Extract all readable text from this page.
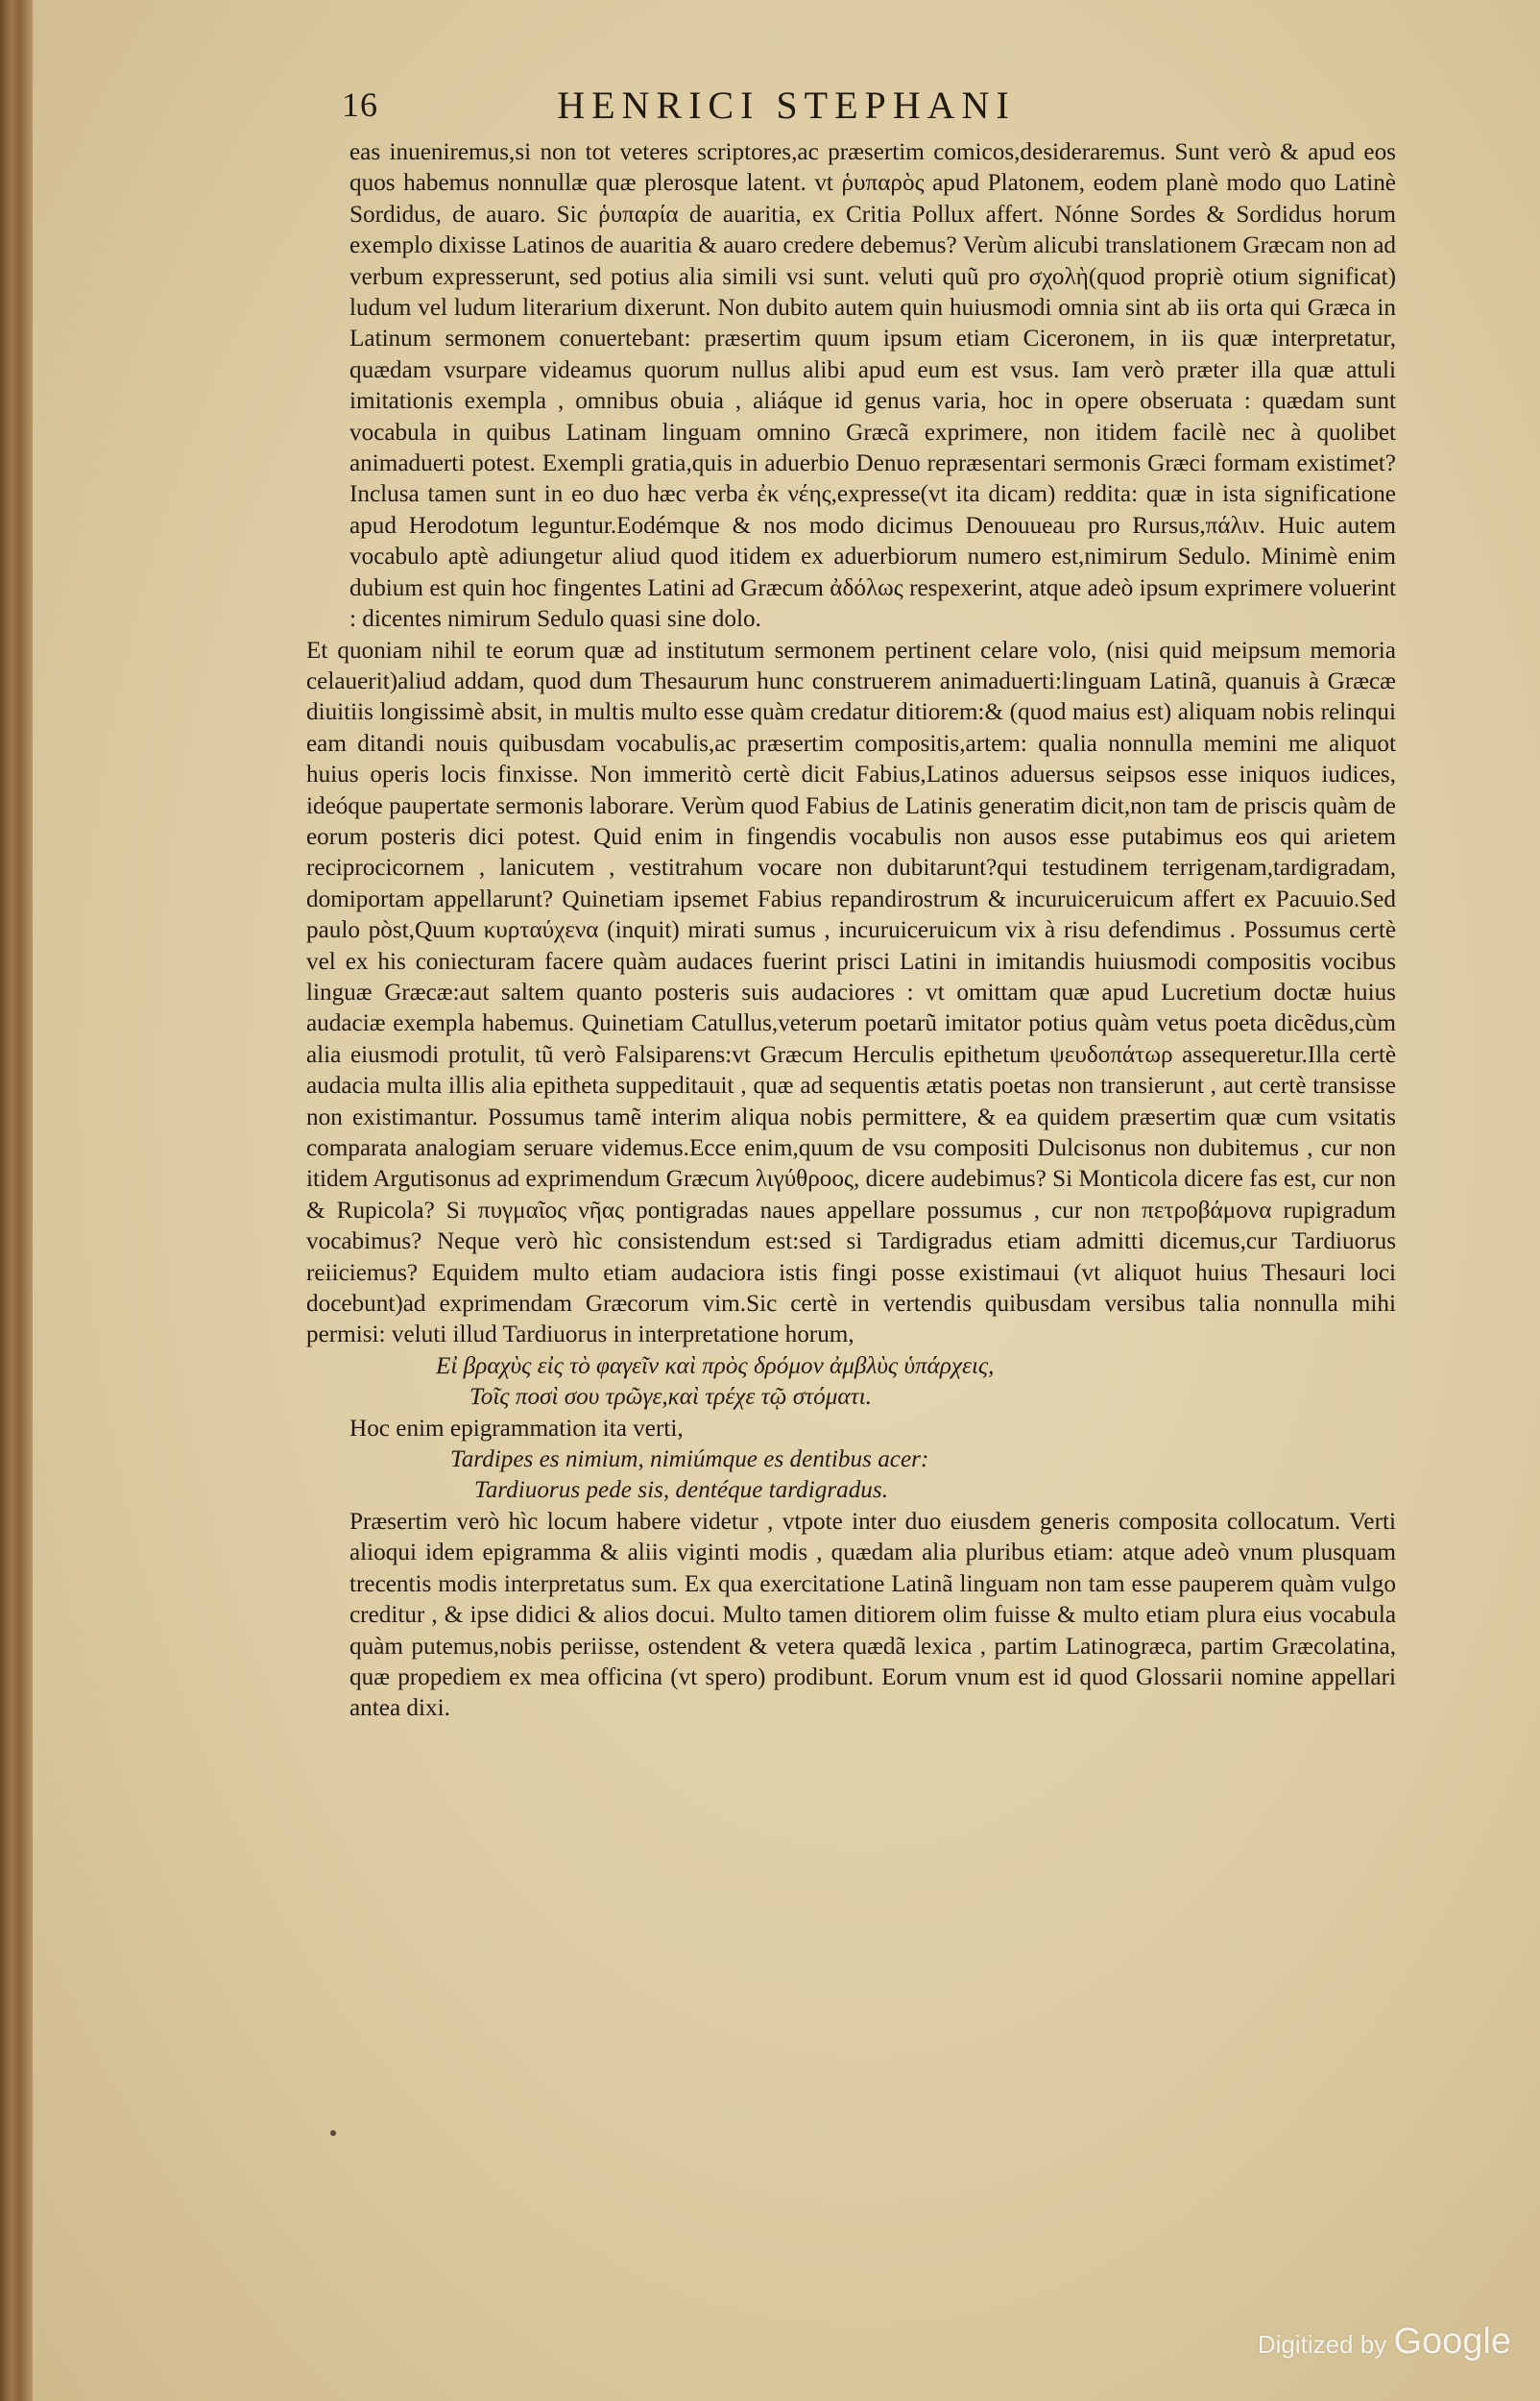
16	HENRICI STEPHANI

eas inueniremus,si non tot veteres scriptores,ac præsertim comicos,desideraremus. Sunt verò & apud eos quos habemus nonnullæ quæ plerosque latent. vt ῥυπαρὸς apud Platonem, eodem planè modo quo Latinè Sordidus, de auaro. Sic ῥυπαρία de auaritia, ex Critia Pollux affert. Nónne Sordes & Sordidus horum exemplo dixisse Latinos de auaritia & auaro credere debemus? Verùm alicubi translationem Græcam non ad verbum expresserunt, sed potius alia simili vsi sunt. veluti quũ pro σχολὴ(quod propriè otium significat) ludum vel ludum literarium dixerunt. Non dubito autem quin huiusmodi omnia sint ab iis orta qui Græca in Latinum sermonem conuertebant: præsertim quum ipsum etiam Ciceronem, in iis quæ interpretatur, quædam vsurpare videamus quorum nullus alibi apud eum est vsus. Iam verò præter illa quæ attuli imitationis exempla , omnibus obuia , aliáque id genus varia, hoc in opere obseruata : quædam sunt vocabula in quibus Latinam linguam omnino Græcã exprimere, non itidem facilè nec à quolibet animaduerti potest. Exempli gratia,quis in aduerbio Denuo repræsentari sermonis Græci formam existimet? Inclusa tamen sunt in eo duo hæc verba ἐκ νέης,expresse(vt ita dicam) reddita: quæ in ista significatione apud Herodotum leguntur.Eodémque & nos modo dicimus Denouueau pro Rursus,πάλιν. Huic autem vocabulo aptè adiungetur aliud quod itidem ex aduerbiorum numero est,nimirum Sedulo. Minimè enim dubium est quin hoc fingentes Latini ad Græcum ἀδόλως respexerint, atque adeò ipsum exprimere voluerint : dicentes nimirum Sedulo quasi sine dolo.

Et quoniam nihil te eorum quæ ad institutum sermonem pertinent celare volo, (nisi quid meipsum memoria celauerit)aliud addam, quod dum Thesaurum hunc construerem animaduerti:linguam Latinã, quanuis à Græcæ diuitiis longissimè absit, in multis multo esse quàm credatur ditiorem:& (quod maius est) aliquam nobis relinqui eam ditandi nouis quibusdam vocabulis,ac præsertim compositis,artem: qualia nonnulla memini me aliquot huius operis locis finxisse. Non immeritò certè dicit Fabius,Latinos aduersus seipsos esse iniquos iudices, ideóque paupertate sermonis laborare. Verùm quod Fabius de Latinis generatim dicit,non tam de priscis quàm de eorum posteris dici potest. Quid enim in fingendis vocabulis non ausos esse putabimus eos qui arietem reciprocicornem , lanicutem , vestitrahum vocare non dubitarunt?qui testudinem terrigenam,tardigradam, domiportam appellarunt? Quinetiam ipsemet Fabius repandirostrum & incuruiceruicum affert ex Pacuuio.Sed paulo pòst,Quum κυρταύχενα (inquit) mirati sumus , incuruiceruicum vix à risu defendimus . Possumus certè vel ex his coniecturam facere quàm audaces fuerint prisci Latini in imitandis huiusmodi compositis vocibus linguæ Græcæ:aut saltem quanto posteris suis audaciores : vt omittam quæ apud Lucretium doctæ huius audaciæ exempla habemus. Quinetiam Catullus,veterum poetarũ imitator potius quàm vetus poeta dicẽdus,cùm alia eiusmodi protulit, tũ verò Falsiparens:vt Græcum Herculis epithetum ψευδοπάτωρ assequeretur.Illa certè audacia multa illis alia epitheta suppeditauit , quæ ad sequentis ætatis poetas non transierunt , aut certè transisse non existimantur. Possumus tamẽ interim aliqua nobis permittere, & ea quidem præsertim quæ cum vsitatis comparata analogiam seruare videmus.Ecce enim,quum de vsu compositi Dulcisonus non dubitemus , cur non itidem Argutisonus ad exprimendum Græcum λιγύθροος, dicere audebimus? Si Monticola dicere fas est, cur non & Rupicola? Si πυγμαῖος νῆας pontigradas naues appellare possumus , cur non πετροβάμονα rupigradum vocabimus? Neque verò hìc consistendum est:sed si Tardigradus etiam admitti dicemus,cur Tardiuorus reiiciemus? Equidem multo etiam audaciora istis fingi posse existimaui (vt aliquot huius Thesauri loci docebunt)ad exprimendam Græcorum vim.Sic certè in vertendis quibusdam versibus talia nonnulla mihi permisi: veluti illud Tardiuorus in interpretatione horum,

Εἰ βραχὺς εἰς τὸ φαγεῖν καὶ πρὸς δρόμον ἀμβλὺς ὑπάρχεις,

Τοῖς ποσὶ σου τρῶγε,καὶ τρέχε τῷ στόματι.

Hoc enim epigrammation ita verti,

Tardipes es nimium, nimiúmque es dentibus acer:

Tardiuorus pede sis, dentéque tardigradus.

Præsertim verò hìc locum habere videtur , vtpote inter duo eiusdem generis composita collocatum. Verti alioqui idem epigramma & aliis viginti modis , quædam alia pluribus etiam: atque adeò vnum plusquam trecentis modis interpretatus sum. Ex qua exercitatione Latinã linguam non tam esse pauperem quàm vulgo creditur , & ipse didici & alios docui. Multo tamen ditiorem olim fuisse & multo etiam plura eius vocabula quàm putemus,nobis periisse, ostendent & vetera quædã lexica , partim Latinogræca, partim Græcolatina, quæ propediem ex mea officina (vt spero) prodibunt. Eorum vnum est id quod Glossarii nomine appellari antea dixi.

Digitized by Google
